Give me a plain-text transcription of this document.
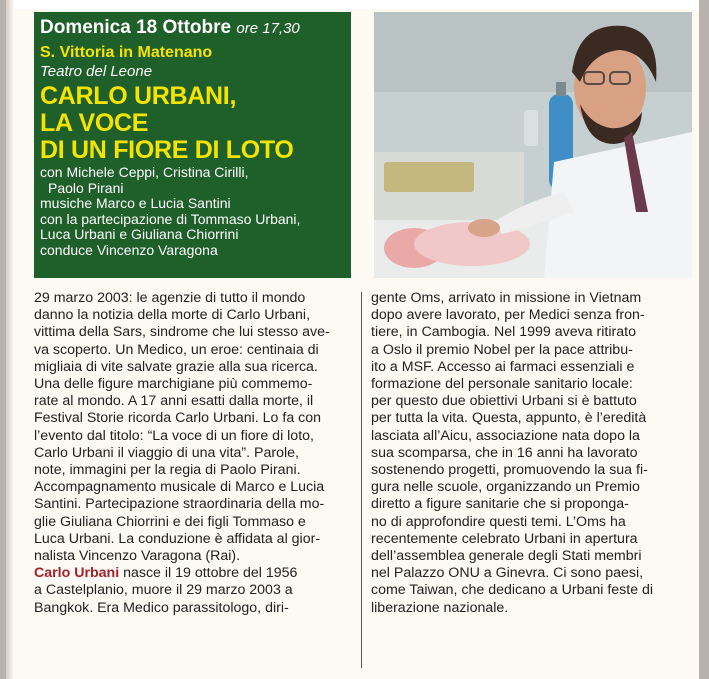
Domenica 18 Ottobre ore 17,30
S. Vittoria in Matenano
Teatro del Leone
CARLO URBANI,
LA VOCE
DI UN FIORE DI LOTO
con Michele Ceppi, Cristina Cirilli,
Paolo Pirani
musiche Marco e Lucia Santini
con la partecipazione di Tommaso Urbani,
Luca Urbani e Giuliana Chiorrini
conduce Vincenzo Varagona
29 marzo 2003: le agenzie di tutto il mondo
danno la notizia della morte di Carlo Urbani,
vittima della Sars, sindrome che lui stesso ave-
va scoperto. Un Medico, un eroe: centinaia di
migliaia di vite salvate grazie alla sua ricerca.
Una delle figure marchigiane più commemo-
rate al mondo. A 17 anni esatti dalla morte, il
Festival Storie ricorda Carlo Urbani. Lo fa con
l’evento dal titolo: “La voce di un fiore di loto,
Carlo Urbani il viaggio di una vita”. Parole,
note, immagini per la regia di Paolo Pirani.
Accompagnamento musicale di Marco e Lucia
Santini. Partecipazione straordinaria della mo-
glie Giuliana Chiorrini e dei figli Tommaso e
Luca Urbani. La conduzione è affidata al gior-
nalista Vincenzo Varagona (Rai).
Carlo Urbani nasce il 19 ottobre del 1956
a Castelplanio, muore il 29 marzo 2003 a
Bangkok. Era Medico parassitologo, diri-
gente Oms, arrivato in missione in Vietnam
dopo avere lavorato, per Medici senza fron-
tiere, in Cambogia. Nel 1999 aveva ritirato
a Oslo il premio Nobel per la pace attribu-
ito a MSF. Accesso ai farmaci essenziali e
formazione del personale sanitario locale:
per questo due obiettivi Urbani si è battuto
per tutta la vita. Questa, appunto, è l’eredità
lasciata all’Aicu, associazione nata dopo la
sua scomparsa, che in 16 anni ha lavorato
sostenendo progetti, promuovendo la sua fi-
gura nelle scuole, organizzando un Premio
diretto a figure sanitarie che si proponga-
no di approfondire questi temi. L’Oms ha
recentemente celebrato Urbani in apertura
dell’assemblea generale degli Stati membri
nel Palazzo ONU a Ginevra. Ci sono paesi,
come Taiwan, che dedicano a Urbani feste di
liberazione nazionale.
